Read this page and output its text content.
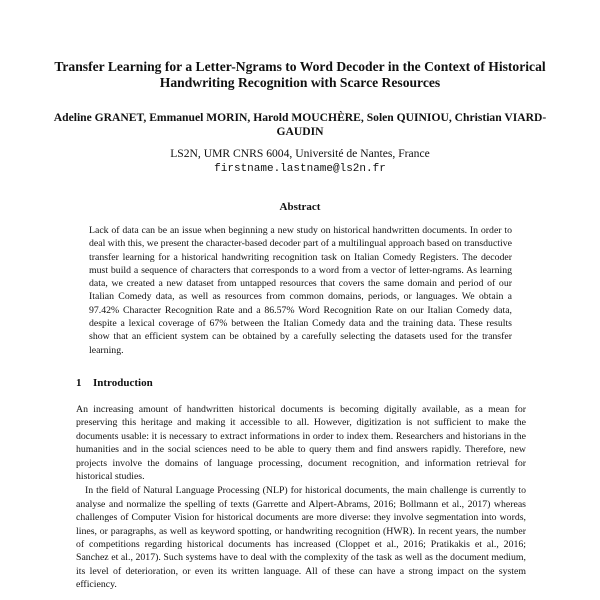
Transfer Learning for a Letter-Ngrams to Word Decoder in the Context of Historical Handwriting Recognition with Scarce Resources
Adeline GRANET, Emmanuel MORIN, Harold MOUCHÈRE, Solen QUINIOU, Christian VIARD-GAUDIN
LS2N, UMR CNRS 6004, Université de Nantes, France
firstname.lastname@ls2n.fr
Abstract
Lack of data can be an issue when beginning a new study on historical handwritten documents. In order to deal with this, we present the character-based decoder part of a multilingual approach based on transductive transfer learning for a historical handwriting recognition task on Italian Comedy Registers. The decoder must build a sequence of characters that corresponds to a word from a vector of letter-ngrams. As learning data, we created a new dataset from untapped resources that covers the same domain and period of our Italian Comedy data, as well as resources from common domains, periods, or languages. We obtain a 97.42% Character Recognition Rate and a 86.57% Word Recognition Rate on our Italian Comedy data, despite a lexical coverage of 67% between the Italian Comedy data and the training data. These results show that an efficient system can be obtained by a carefully selecting the datasets used for the transfer learning.
1 Introduction

An increasing amount of handwritten historical documents is becoming digitally available, as a mean for preserving this heritage and making it accessible to all. However, digitization is not sufficient to make the documents usable: it is necessary to extract informations in order to index them. Researchers and historians in the humanities and in the social sciences need to be able to query them and find answers rapidly. Therefore, new projects involve the domains of language processing, document recognition, and information retrieval for historical studies.

In the field of Natural Language Processing (NLP) for historical documents, the main challenge is currently to analyse and normalize the spelling of texts (Garrette and Alpert-Abrams, 2016; Bollmann et al., 2017) whereas challenges of Computer Vision for historical documents are more diverse: they involve segmentation into words, lines, or paragraphs, as well as keyword spotting, or handwriting recognition (HWR). In recent years, the number of competitions regarding historical documents has increased (Cloppet et al., 2016; Pratikakis et al., 2016; Sanchez et al., 2017). Such systems have to deal with the complexity of the task as well as the document medium, its level of deterioration, or even its written language. All of these can have a strong impact on the system efficiency.
